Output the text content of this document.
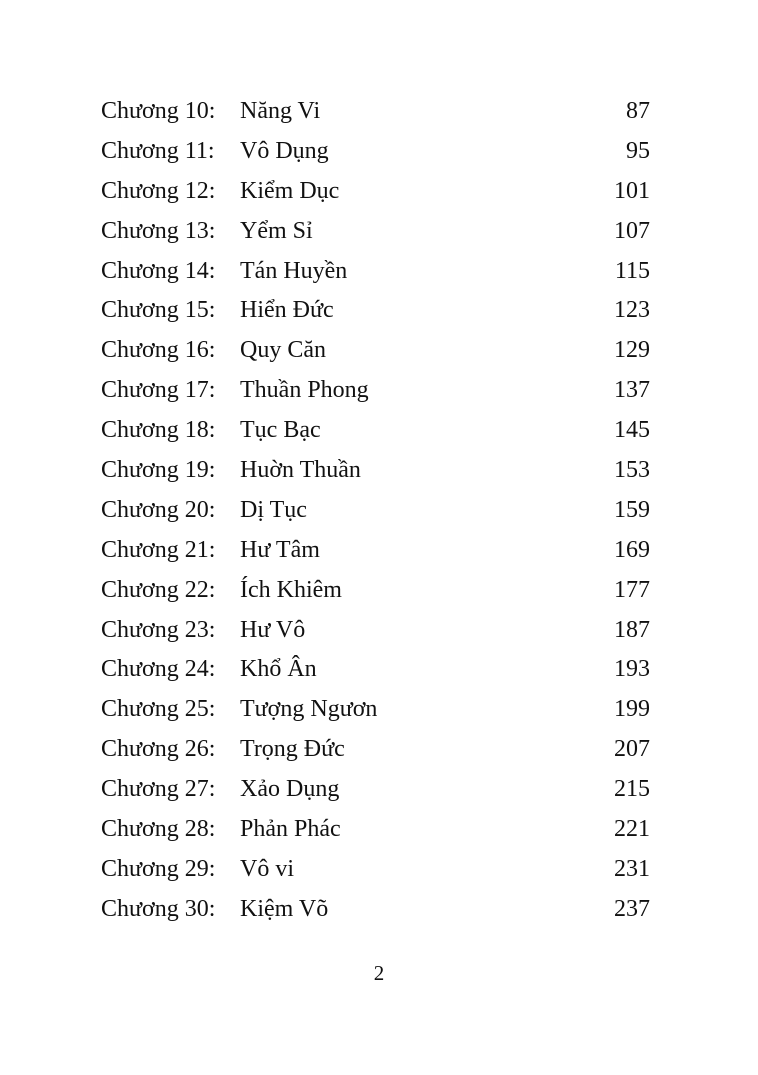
Chương 10: Năng Vi	87
Chương 11: Vô Dụng	95
Chương 12: Kiểm Dục	101
Chương 13: Yểm Sỉ	107
Chương 14: Tán Huyền	115
Chương 15: Hiển Đức	123
Chương 16: Quy Căn	129
Chương 17: Thuần Phong	137
Chương 18: Tục Bạc	145
Chương 19: Huờn Thuần	153
Chương 20: Dị Tục	159
Chương 21: Hư Tâm	169
Chương 22: Ích Khiêm	177
Chương 23: Hư Vô	187
Chương 24: Khổ Ân	193
Chương 25: Tượng Ngươn	199
Chương 26: Trọng Đức	207
Chương 27: Xảo Dụng	215
Chương 28: Phản Phác	221
Chương 29: Vô vi	231
Chương 30: Kiệm Võ	237
2
